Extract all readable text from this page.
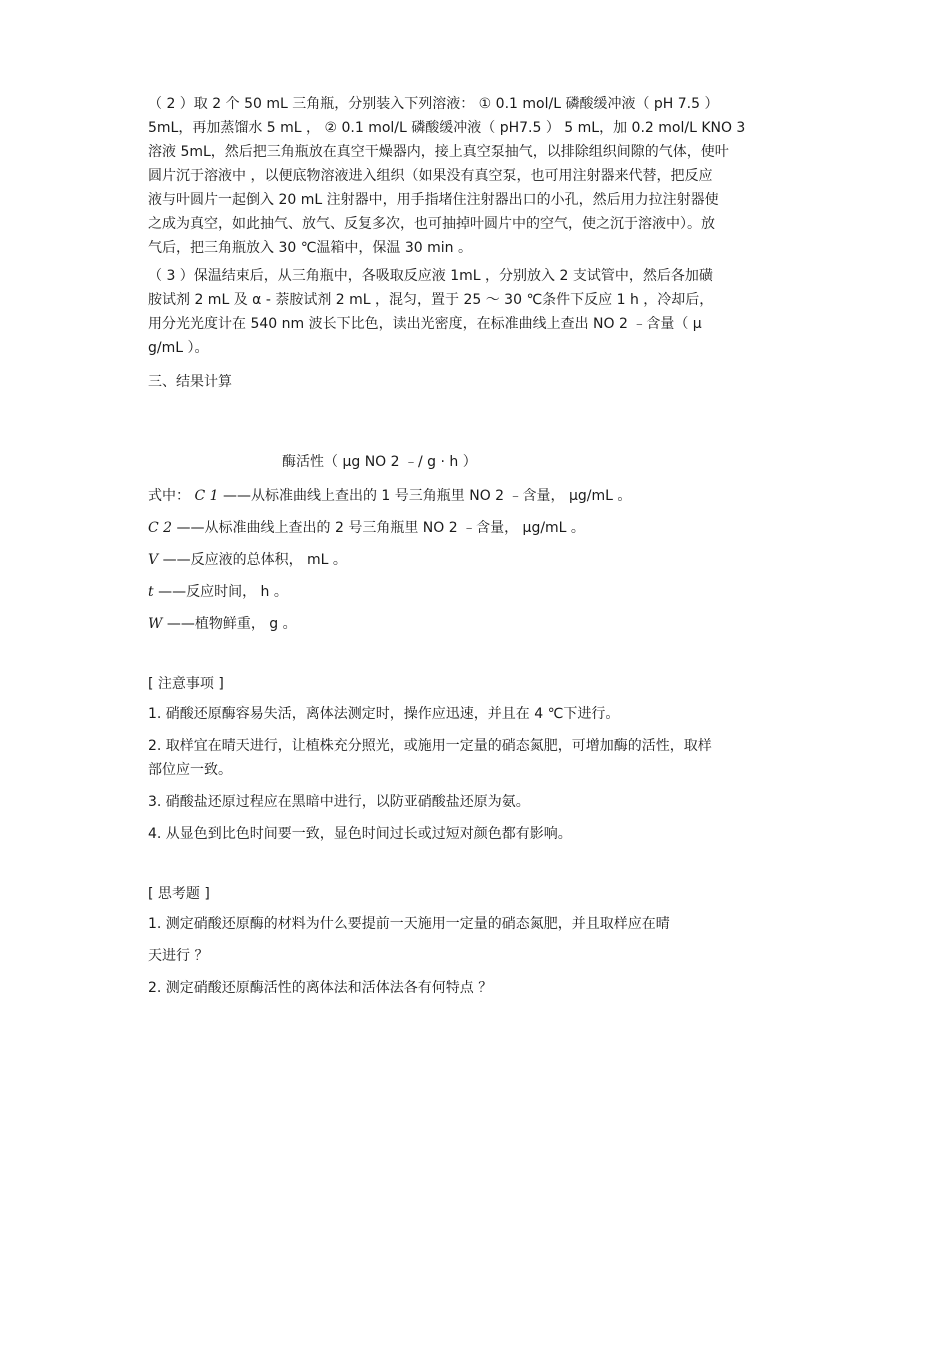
（ 2 ）取 2 个 50 mL 三角瓶，分别装入下列溶液： ① 0.1 mol/L 磷酸缓冲液（ pH 7.5 ）
5mL，再加蒸馏水 5 mL ， ② 0.1 mol/L 磷酸缓冲液（ pH7.5 ） 5 mL，加 0.2 mol/L KNO 3
溶液 5mL，然后把三角瓶放在真空干燥器内，接上真空泵抽气，以排除组织间隙的气体，使叶
圆片沉于溶液中 ，以便底物溶液进入组织（如果没有真空泵，也可用注射器来代替，把反应
液与叶圆片一起倒入 20 mL 注射器中，用手指堵住注射器出口的小孔，然后用力拉注射器使
之成为真空，如此抽气、放气、反复多次，也可抽掉叶圆片中的空气，使之沉于溶液中）。放
气后，把三角瓶放入 30 ℃温箱中，保温 30 min 。

（ 3 ）保温结束后，从三角瓶中，各吸取反应液 1mL ，分别放入 2 支试管中，然后各加磺
胺试剂 2 mL 及 α - 萘胺试剂 2 mL ，混匀，置于 25 ～ 30 ℃条件下反应 1 h ，冷却后，
用分光光度计在 540 nm 波长下比色，读出光密度，在标准曲线上查出 NO 2 ﹣含量（ μ
g/mL ）。

三、结果计算

酶活性（ μg NO 2 ﹣/ g · h ）

式中： C 1 ——从标准曲线上查出的 1 号三角瓶里 NO 2 ﹣含量， μg/mL 。

C 2 ——从标准曲线上查出的 2 号三角瓶里 NO 2 ﹣含量， μg/mL 。

V ——反应液的总体积， mL 。

t ——反应时间， h 。

W ——植物鲜重， g 。

[ 注意事项 ]

1. 硝酸还原酶容易失活，离体法测定时，操作应迅速，并且在 4 ℃下进行。

2. 取样宜在晴天进行，让植株充分照光，或施用一定量的硝态氮肥，可增加酶的活性，取样
部位应一致。

3. 硝酸盐还原过程应在黑暗中进行，以防亚硝酸盐还原为氨。

4. 从显色到比色时间要一致，显色时间过长或过短对颜色都有影响。

[ 思考题 ]

1. 测定硝酸还原酶的材料为什么要提前一天施用一定量的硝态氮肥，并且取样应在晴

天进行 ？

2. 测定硝酸还原酶活性的离体法和活体法各有何特点 ？
